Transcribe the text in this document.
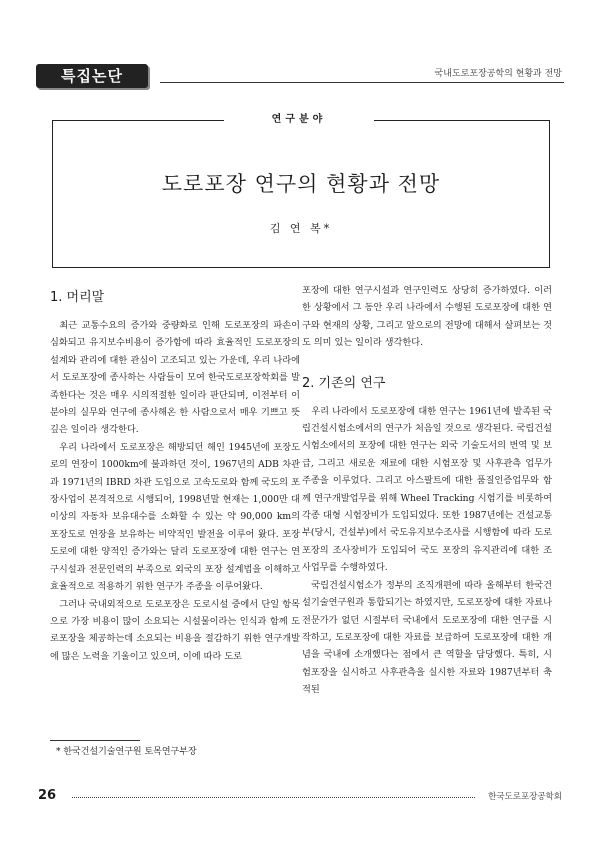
특집논단	국내도로포장공학의 현황과 전망
연구분야
도로포장 연구의 현황과 전망
김 연 복*
1. 머리말

최근 교통수요의 증가와 중량화로 인해 도로포장의 파손이 심화되고 유지보수비용이 증가함에 따라 효율적인 도로포장의 설계와 관리에 대한 관심이 고조되고 있는 가운데, 우리 나라에서 도로포장에 종사하는 사람들이 모여 한국도로포장학회를 발족한다는 것은 매우 시의적절한 일이라 판단되며, 이전부터 이 분야의 실무와 연구에 종사해온 한 사람으로서 매우 기쁘고 뜻깊은 일이라 생각한다.

우리 나라에서 도로포장은 해방되던 해인 1945년에 포장도로의 연장이 1000km에 불과하던 것이, 1967년의 ADB 차관과 1971년의 IBRD 차관 도입으로 고속도로와 함께 국도의 포장사업이 본격적으로 시행되어, 1998년말 현재는 1,000만 대 이상의 자동차 보유대수를 소화할 수 있는 약 90,000 km의 포장도로 연장을 보유하는 비약적인 발전을 이루어 왔다. 포장도로에 대한 양적인 증가와는 달리 도로포장에 대한 연구는 연구시설과 전문인력의 부족으로 외국의 포장 설계법을 이해하고 효율적으로 적용하기 위한 연구가 주종을 이루어왔다.

그러나 국내외적으로 도로포장은 도로시설 중에서 단일 항목으로 가장 비용이 많이 소요되는 시설물이라는 인식과 함께 도로포장을 체공하는데 소요되는 비용을 절감하기 위한 연구개발에 많은 노력을 기울이고 있으며, 이에 따라 도로

포장에 대한 연구시설과 연구인력도 상당히 증가하였다. 이러한 상황에서 그 동안 우리 나라에서 수행된 도로포장에 대한 연구와 현재의 상황, 그리고 앞으로의 전망에 대해서 살펴보는 것도 의미 있는 일이라 생각한다.

2. 기존의 연구

우리 나라에서 도로포장에 대한 연구는 1961년에 발족된 국립건설시험소에서의 연구가 처음일 것으로 생각된다. 국립건설시험소에서의 포장에 대한 연구는 외국 기술도서의 번역 및 보급, 그리고 새로운 재료에 대한 시험포장 및 사후관측 업무가 주종을 이루었다. 그리고 아스팔트에 대한 품질인증업무와 함께 연구개발업무를 위해 Wheel Tracking 시험기를 비롯하여 각종 대형 시험장비가 도입되었다. 또한 1987년에는 건설교통부(당시, 건설부)에서 국도유지보수조사를 시행함에 따라 도로포장의 조사장비가 도입되어 국도 포장의 유지관리에 대한 조사업무를 수행하였다.

국립건설시험소가 정부의 조직개편에 따라 올해부터 한국건설기술연구원과 통합되기는 하였지만, 도로포장에 대한 자료나 전문가가 없던 시절부터 국내에서 도로포장에 대한 연구를 시작하고, 도로포장에 대한 자료를 보급하여 도로포장에 대한 개념을 국내에 소개했다는 점에서 큰 역할을 담당했다. 특히, 시험포장을 실시하고 사후관측을 실시한 자료와 1987년부터 축적된

* 한국건설기술연구원 토목연구부장
26	한국도로포장공학회
